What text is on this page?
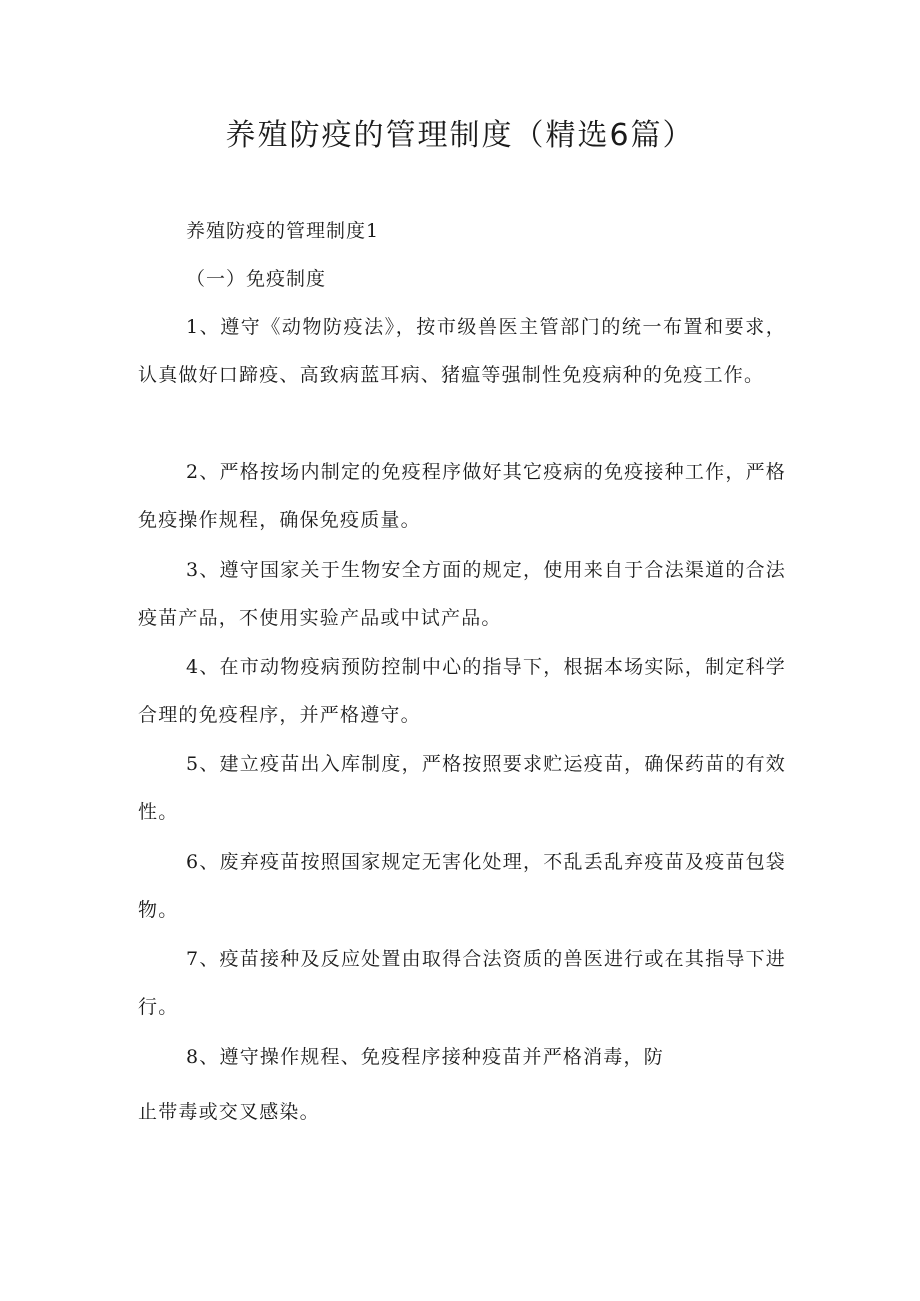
养殖防疫的管理制度（精选6篇）
养殖防疫的管理制度1
（一）免疫制度

1、遵守《动物防疫法》，按市级兽医主管部门的统一布置和要求，认真做好口蹄疫、高致病蓝耳病、猪瘟等强制性免疫病种的免疫工作。

2、严格按场内制定的免疫程序做好其它疫病的免疫接种工作，严格免疫操作规程，确保免疫质量。

3、遵守国家关于生物安全方面的规定，使用来自于合法渠道的合法疫苗产品，不使用实验产品或中试产品。

4、在市动物疫病预防控制中心的指导下，根据本场实际，制定科学合理的免疫程序，并严格遵守。

5、建立疫苗出入库制度，严格按照要求贮运疫苗，确保药苗的有效性。

6、废弃疫苗按照国家规定无害化处理，不乱丢乱弃疫苗及疫苗包袋物。

7、疫苗接种及反应处置由取得合法资质的兽医进行或在其指导下进行。

8、遵守操作规程、免疫程序接种疫苗并严格消毒，防
止带毒或交叉感染。
